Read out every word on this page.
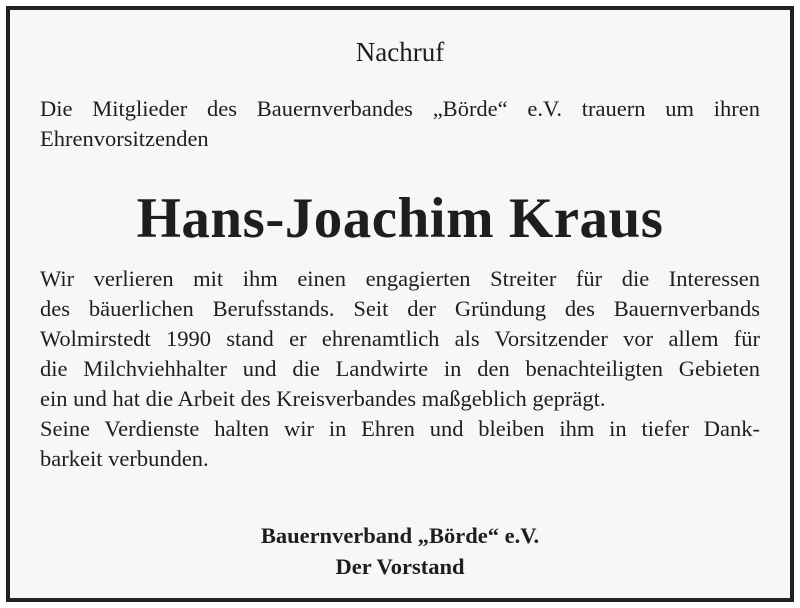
Nachruf
Die Mitglieder des Bauernverbandes „Börde“ e.V. trauern um ihren
Ehrenvorsitzenden
Hans-Joachim Kraus
Wir verlieren mit ihm einen engagierten Streiter für die Interessen
des bäuerlichen Berufsstands. Seit der Gründung des Bauernverbands
Wolmirstedt 1990 stand er ehrenamtlich als Vorsitzender vor allem für
die Milchviehhalter und die Landwirte in den benachteiligten Gebieten
ein und hat die Arbeit des Kreisverbandes maßgeblich geprägt.
Seine Verdienste halten wir in Ehren und bleiben ihm in tiefer Dank-
barkeit verbunden.
Bauernverband „Börde“ e.V.
Der Vorstand
